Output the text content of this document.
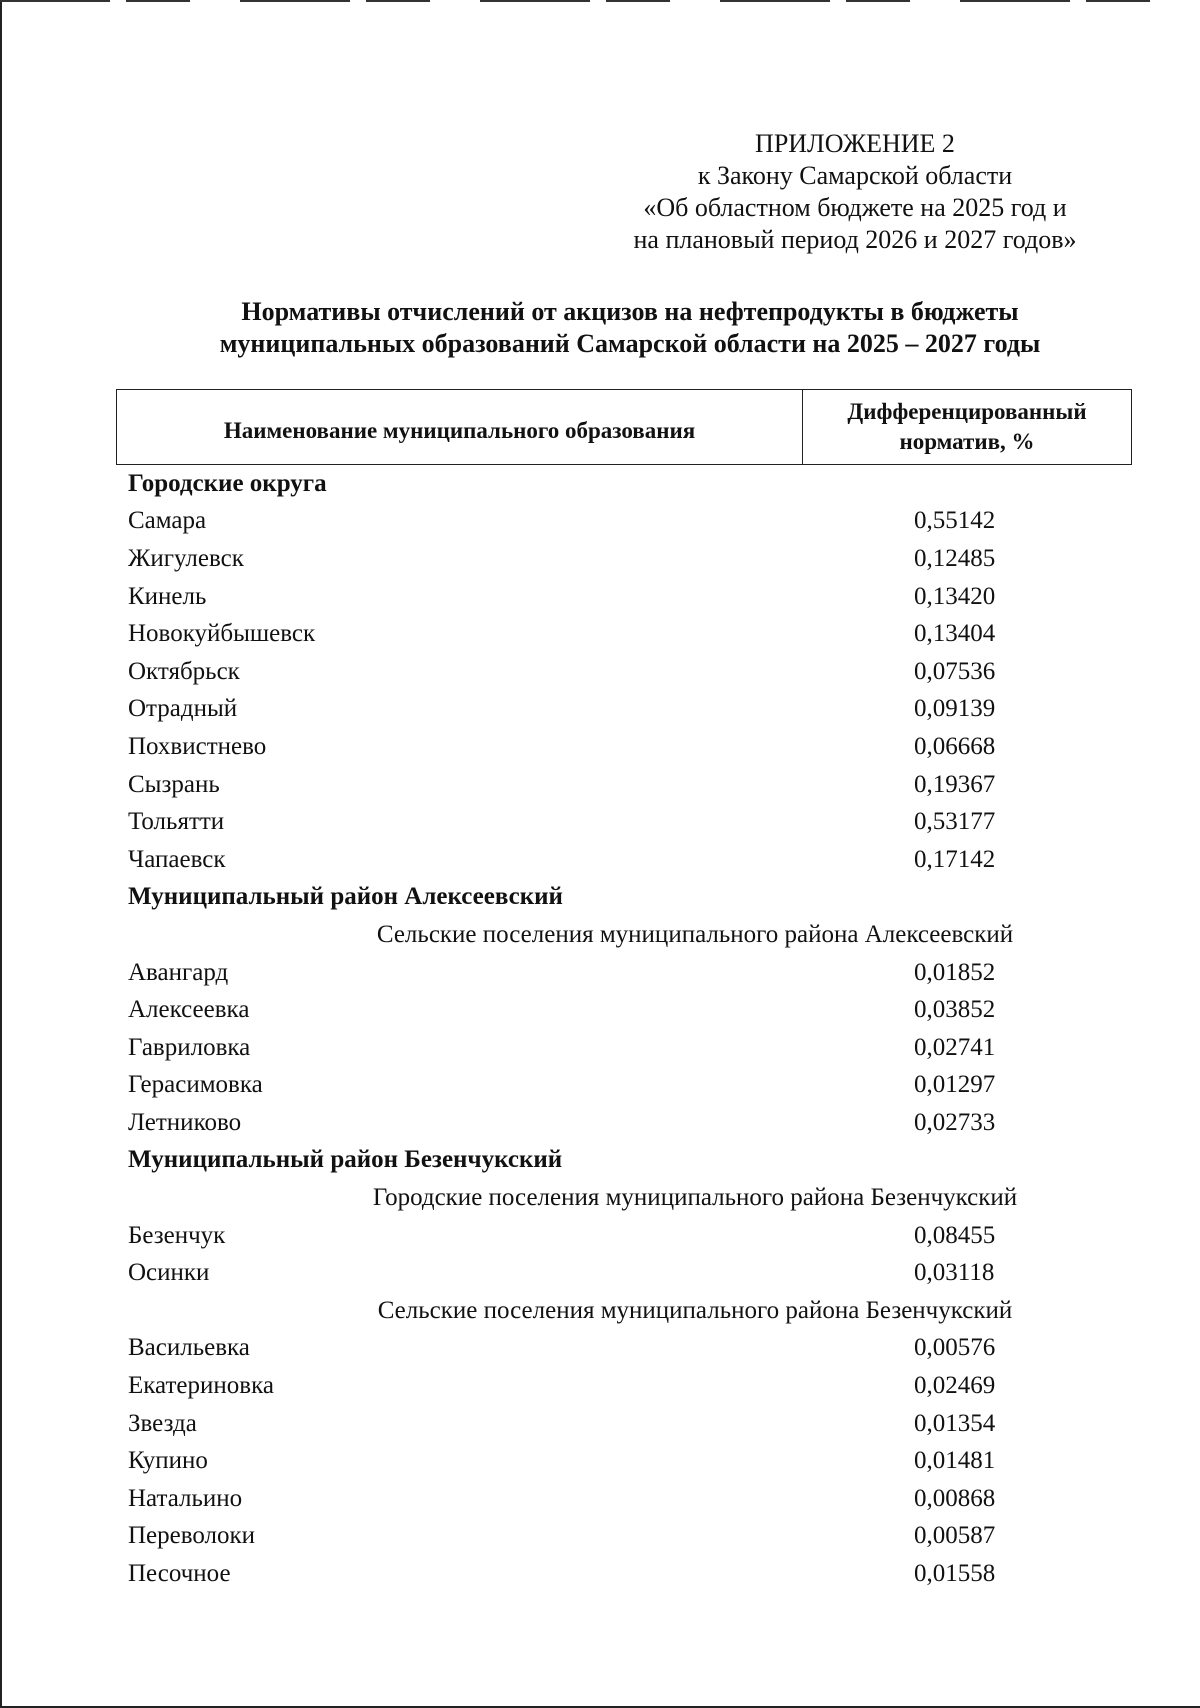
ПРИЛОЖЕНИЕ 2
к Закону Самарской области
«Об областном бюджете на 2025 год и
на плановый период 2026 и 2027 годов»
Нормативы отчислений от акцизов на нефтепродукты в бюджеты
муниципальных образований Самарской области на 2025 – 2027 годы
Наименование муниципального образования
Дифференцированный
норматив, %
Городские округа
Самара	0,55142
Жигулевск	0,12485
Кинель	0,13420
Новокуйбышевск	0,13404
Октябрьск	0,07536
Отрадный	0,09139
Похвистнево	0,06668
Сызрань	0,19367
Тольятти	0,53177
Чапаевск	0,17142
Муниципальный район Алексеевский
Сельские поселения муниципального района Алексеевский
Авангард	0,01852
Алексеевка	0,03852
Гавриловка	0,02741
Герасимовка	0,01297
Летниково	0,02733
Муниципальный район Безенчукский
Городские поселения муниципального района Безенчукский
Безенчук	0,08455
Осинки	0,03118
Сельские поселения муниципального района Безенчукский
Васильевка	0,00576
Екатериновка	0,02469
Звезда	0,01354
Купино	0,01481
Натальино	0,00868
Переволоки	0,00587
Песочное	0,01558
